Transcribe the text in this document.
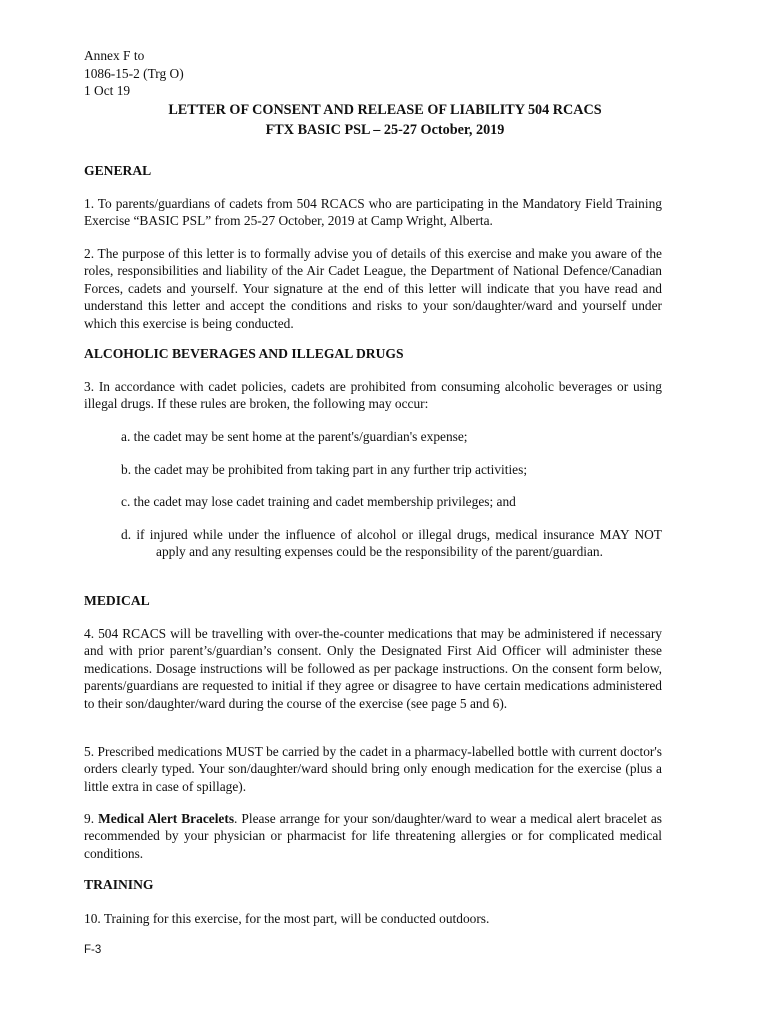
Annex F to
1086-15-2 (Trg O)
1 Oct 19
LETTER OF CONSENT AND RELEASE OF LIABILITY 504 RCACS
FTX BASIC PSL – 25-27 October, 2019
GENERAL

1. To parents/guardians of cadets from 504 RCACS who are participating in the Mandatory Field Training Exercise “BASIC PSL” from 25-27 October, 2019 at Camp Wright, Alberta.

2. The purpose of this letter is to formally advise you of details of this exercise and make you aware of the roles, responsibilities and liability of the Air Cadet League, the Department of National Defence/Canadian Forces, cadets and yourself. Your signature at the end of this letter will indicate that you have read and understand this letter and accept the conditions and risks to your son/daughter/ward and yourself under which this exercise is being conducted.

ALCOHOLIC BEVERAGES AND ILLEGAL DRUGS

3. In accordance with cadet policies, cadets are prohibited from consuming alcoholic beverages or using illegal drugs. If these rules are broken, the following may occur:

a. the cadet may be sent home at the parent's/guardian's expense;

b. the cadet may be prohibited from taking part in any further trip activities;

c. the cadet may lose cadet training and cadet membership privileges; and

d. if injured while under the influence of alcohol or illegal drugs, medical insurance MAY NOT apply and any resulting expenses could be the responsibility of the parent/guardian.

MEDICAL

4. 504 RCACS will be travelling with over-the-counter medications that may be administered if necessary and with prior parent’s/guardian’s consent. Only the Designated First Aid Officer will administer these medications. Dosage instructions will be followed as per package instructions. On the consent form below, parents/guardians are requested to initial if they agree or disagree to have certain medications administered to their son/daughter/ward during the course of the exercise (see page 5 and 6).

5. Prescribed medications MUST be carried by the cadet in a pharmacy-labelled bottle with current doctor's orders clearly typed. Your son/daughter/ward should bring only enough medication for the exercise (plus a little extra in case of spillage).

9. Medical Alert Bracelets. Please arrange for your son/daughter/ward to wear a medical alert bracelet as recommended by your physician or pharmacist for life threatening allergies or for complicated medical conditions.

TRAINING

10. Training for this exercise, for the most part, will be conducted outdoors.

F-3
